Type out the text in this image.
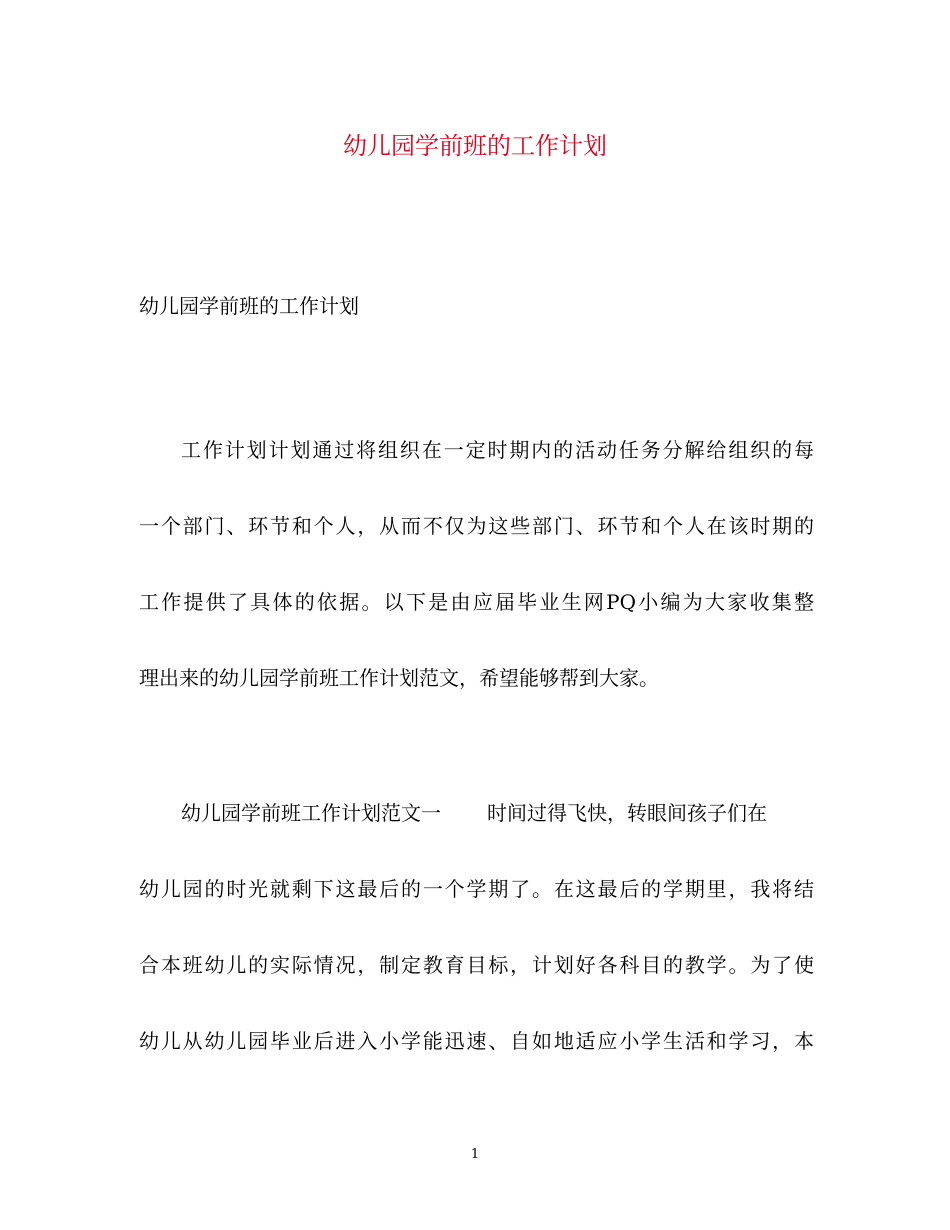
幼儿园学前班的工作计划

幼儿园学前班的工作计划

工作计划计划通过将组织在一定时期内的活动任务分解给组织的每
一个部门、环节和个人，从而不仅为这些部门、环节和个人在该时期的
工作提供了具体的依据。以下是由应届毕业生网PQ小编为大家收集整
理出来的幼儿园学前班工作计划范文，希望能够帮到大家。
幼儿园学前班工作计划范文一 时间过得飞快，转眼间孩子们在
幼儿园的时光就剩下这最后的一个学期了。在这最后的学期里，我将结
合本班幼儿的实际情况，制定教育目标，计划好各科目的教学。为了使
幼儿从幼儿园毕业后进入小学能迅速、自如地适应小学生活和学习，本
1
